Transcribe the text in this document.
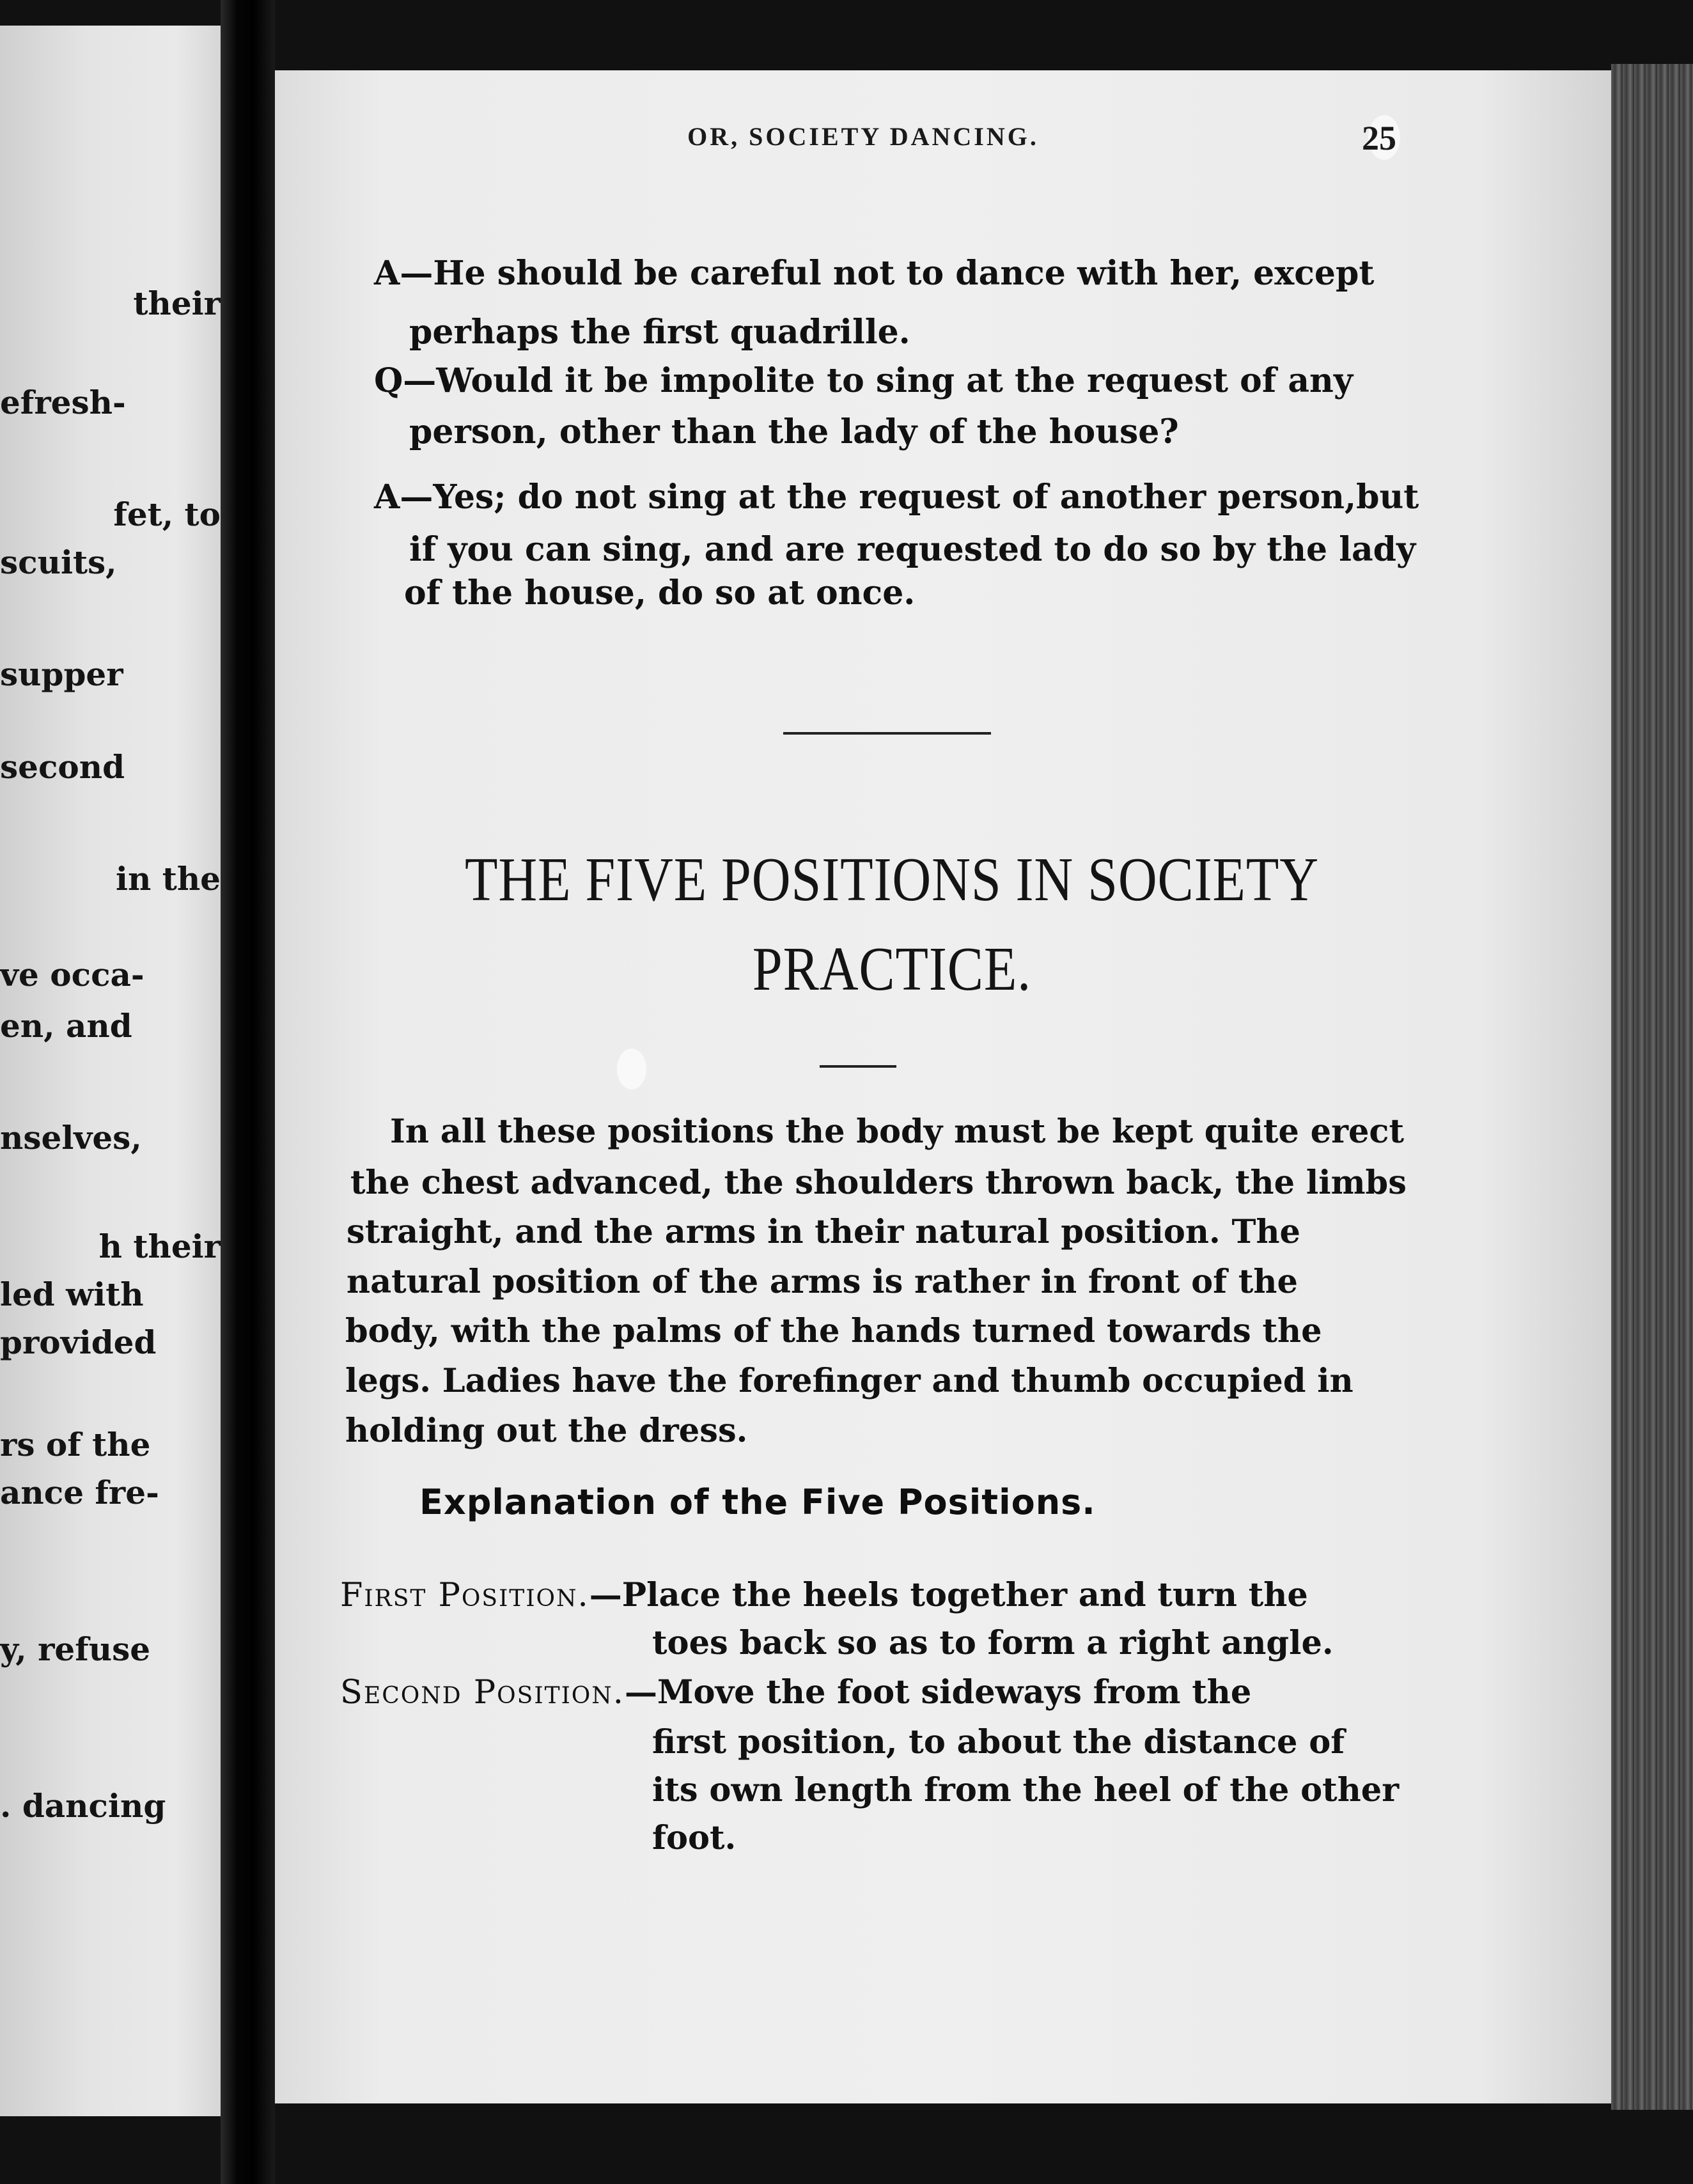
their
efresh-
fet, to
scuits,
supper
second
in the
ve occa-
en, and
nselves,
h their
led with
provided
rs of the
ance fre-
y, refuse
. dancing
OR, SOCIETY DANCING.	25
A—He should be careful not to dance with her, except
perhaps the first quadrille.
Q—Would it be impolite to sing at the request of any
person, other than the lady of the house?
A—Yes; do not sing at the request of another person,but
if you can sing, and are requested to do so by the lady
of the house, do so at once.
THE FIVE POSITIONS IN SOCIETY
PRACTICE.
In all these positions the body must be kept quite erect
the chest advanced, the shoulders thrown back, the limbs
straight, and the arms in their natural position. The
natural position of the arms is rather in front of the
body, with the palms of the hands turned towards the
legs. Ladies have the forefinger and thumb occupied in
holding out the dress.
Explanation of the Five Positions.
First Position.—Place the heels together and turn the
toes back so as to form a right angle.
Second Position.—Move the foot sideways from the
first position, to about the distance of
its own length from the heel of the other
foot.
